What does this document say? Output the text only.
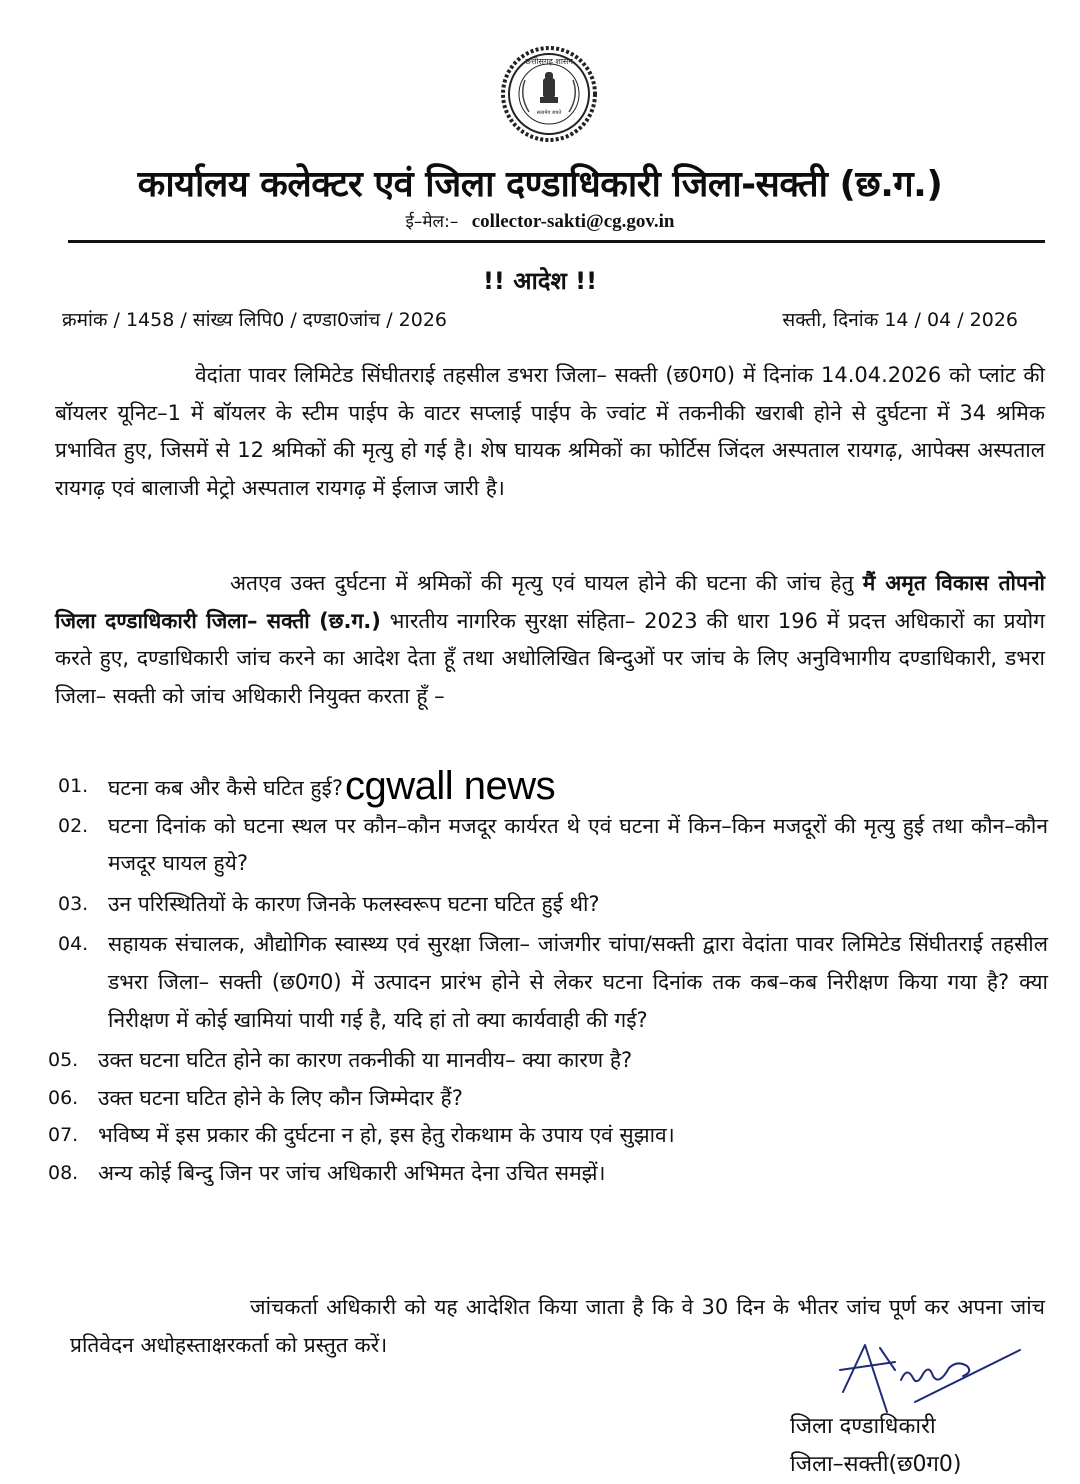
छत्तीसगढ़ शासन
सत्यमेव जयते
कार्यालय कलेक्टर एवं जिला दण्डाधिकारी जिला-सक्ती (छ.ग.)
ई–मेल:– collector-sakti@cg.gov.in
!! आदेश !!
क्रमांक / 1458 / सांख्य लिपि0 / दण्डा0जांच / 2026	सक्ती, दिनांक 14 / 04 / 2026
वेदांता पावर लिमिटेड सिंघीतराई तहसील डभरा जिला– सक्ती (छ0ग0) में दिनांक 14.04.2026 को प्लांट की बॉयलर यूनिट–1 में बॉयलर के स्टीम पाईप के वाटर सप्लाई पाईप के ज्वांट में तकनीकी खराबी होने से दुर्घटना में 34 श्रमिक प्रभावित हुए, जिसमें से 12 श्रमिकों की मृत्यु हो गई है। शेष घायक श्रमिकों का फोर्टिस जिंदल अस्पताल रायगढ़, आपेक्स अस्पताल रायगढ़ एवं बालाजी मेट्रो अस्पताल रायगढ़ में ईलाज जारी है।
अतएव उक्त दुर्घटना में श्रमिकों की मृत्यु एवं घायल होने की घटना की जांच हेतु मैं अमृत विकास तोपनो जिला दण्डाधिकारी जिला– सक्ती (छ.ग.) भारतीय नागरिक सुरक्षा संहिता– 2023 की धारा 196 में प्रदत्त अधिकारों का प्रयोग करते हुए, दण्डाधिकारी जांच करने का आदेश देता हूँ तथा अधोलिखित बिन्दुओं पर जांच के लिए अनुविभागीय दण्डाधिकारी, डभरा जिला– सक्ती को जांच अधिकारी नियुक्त करता हूँ –
01. घटना कब और कैसे घटित हुई?cgwall news
02. घटना दिनांक को घटना स्थल पर कौन–कौन मजदूर कार्यरत थे एवं घटना में किन–किन मजदूरों की मृत्यु हुई तथा कौन–कौन मजदूर घायल हुये?
03. उन परिस्थितियों के कारण जिनके फलस्वरूप घटना घटित हुई थी?
04. सहायक संचालक, औद्योगिक स्वास्थ्य एवं सुरक्षा जिला– जांजगीर चांपा/सक्ती द्वारा वेदांता पावर लिमिटेड सिंघीतराई तहसील डभरा जिला– सक्ती (छ0ग0) में उत्पादन प्रारंभ होने से लेकर घटना दिनांक तक कब–कब निरीक्षण किया गया है? क्या निरीक्षण में कोई खामियां पायी गई है, यदि हां तो क्या कार्यवाही की गई?
05. उक्त घटना घटित होने का कारण तकनीकी या मानवीय– क्या कारण है?
06. उक्त घटना घटित होने के लिए कौन जिम्मेदार हैं?
07. भविष्य में इस प्रकार की दुर्घटना न हो, इस हेतु रोकथाम के उपाय एवं सुझाव।
08. अन्य कोई बिन्दु जिन पर जांच अधिकारी अभिमत देना उचित समझें।
जांचकर्ता अधिकारी को यह आदेशित किया जाता है कि वे 30 दिन के भीतर जांच पूर्ण कर अपना जांच प्रतिवेदन अधोहस्ताक्षरकर्ता को प्रस्तुत करें।
जिला दण्डाधिकारी
जिला–सक्ती(छ0ग0)
